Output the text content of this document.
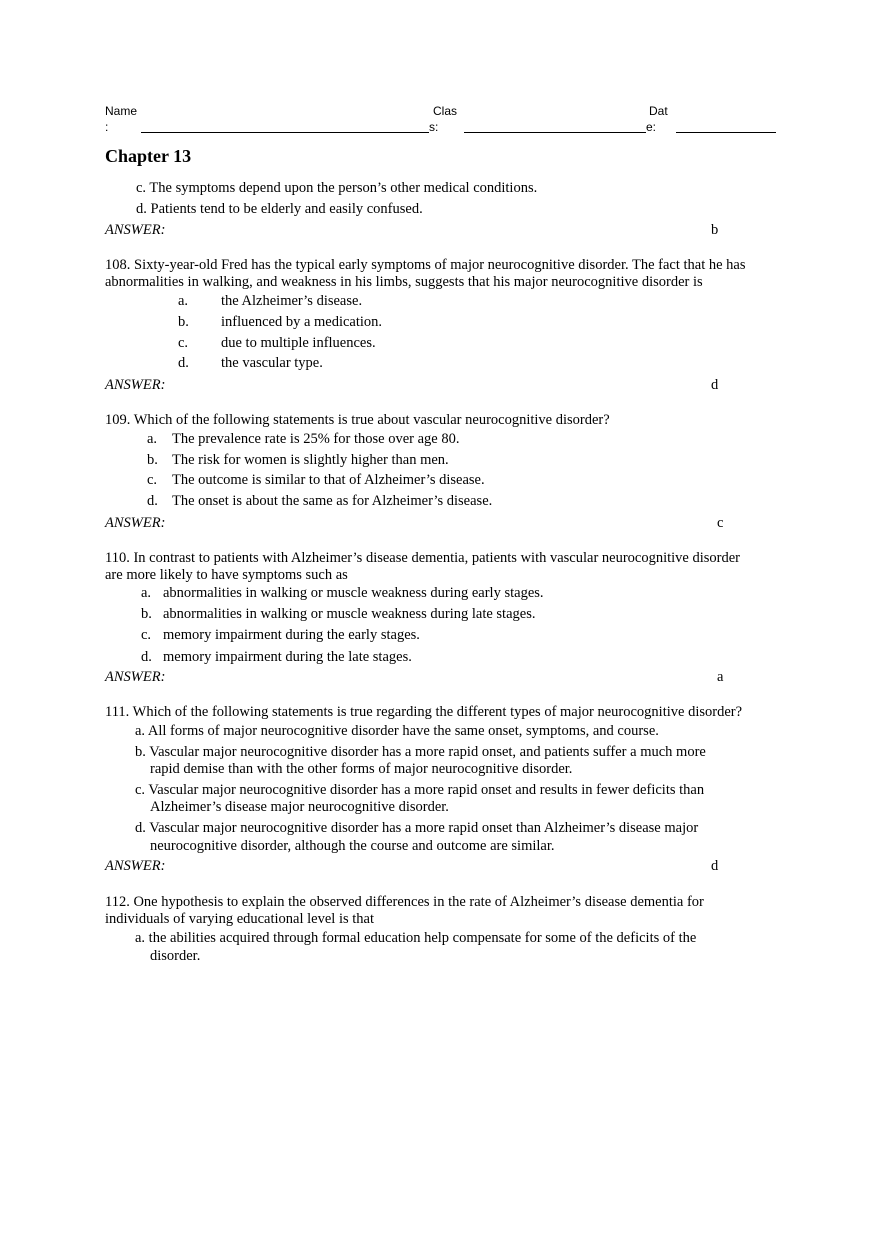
Name
:
Clas
s:
Dat
e:
Chapter 13
c. The symptoms depend upon the person’s other medical conditions.
d. Patients tend to be elderly and easily confused.
ANSWER:	b
108. Sixty-year-old Fred has the typical early symptoms of major neurocognitive disorder. The fact that he has
abnormalities in walking, and weakness in his limbs, suggests that his major neurocognitive disorder is
a. the Alzheimer’s disease.
b. influenced by a medication.
c. due to multiple influences.
d. the vascular type.
ANSWER:	d
109. Which of the following statements is true about vascular neurocognitive disorder?
a. The prevalence rate is 25% for those over age 80.
b. The risk for women is slightly higher than men.
c. The outcome is similar to that of Alzheimer’s disease.
d. The onset is about the same as for Alzheimer’s disease.
ANSWER:	c
110. In contrast to patients with Alzheimer’s disease dementia, patients with vascular neurocognitive disorder
are more likely to have symptoms such as
a. abnormalities in walking or muscle weakness during early stages.
b. abnormalities in walking or muscle weakness during late stages.
c. memory impairment during the early stages.
d. memory impairment during the late stages.
ANSWER:	a
111. Which of the following statements is true regarding the different types of major neurocognitive disorder?
a. All forms of major neurocognitive disorder have the same onset, symptoms, and course.
b. Vascular major neurocognitive disorder has a more rapid onset, and patients suffer a much more
rapid demise than with the other forms of major neurocognitive disorder.
c. Vascular major neurocognitive disorder has a more rapid onset and results in fewer deficits than
Alzheimer’s disease major neurocognitive disorder.
d. Vascular major neurocognitive disorder has a more rapid onset than Alzheimer’s disease major
neurocognitive disorder, although the course and outcome are similar.
ANSWER:	d
112. One hypothesis to explain the observed differences in the rate of Alzheimer’s disease dementia for
individuals of varying educational level is that
a. the abilities acquired through formal education help compensate for some of the deficits of the
disorder.
